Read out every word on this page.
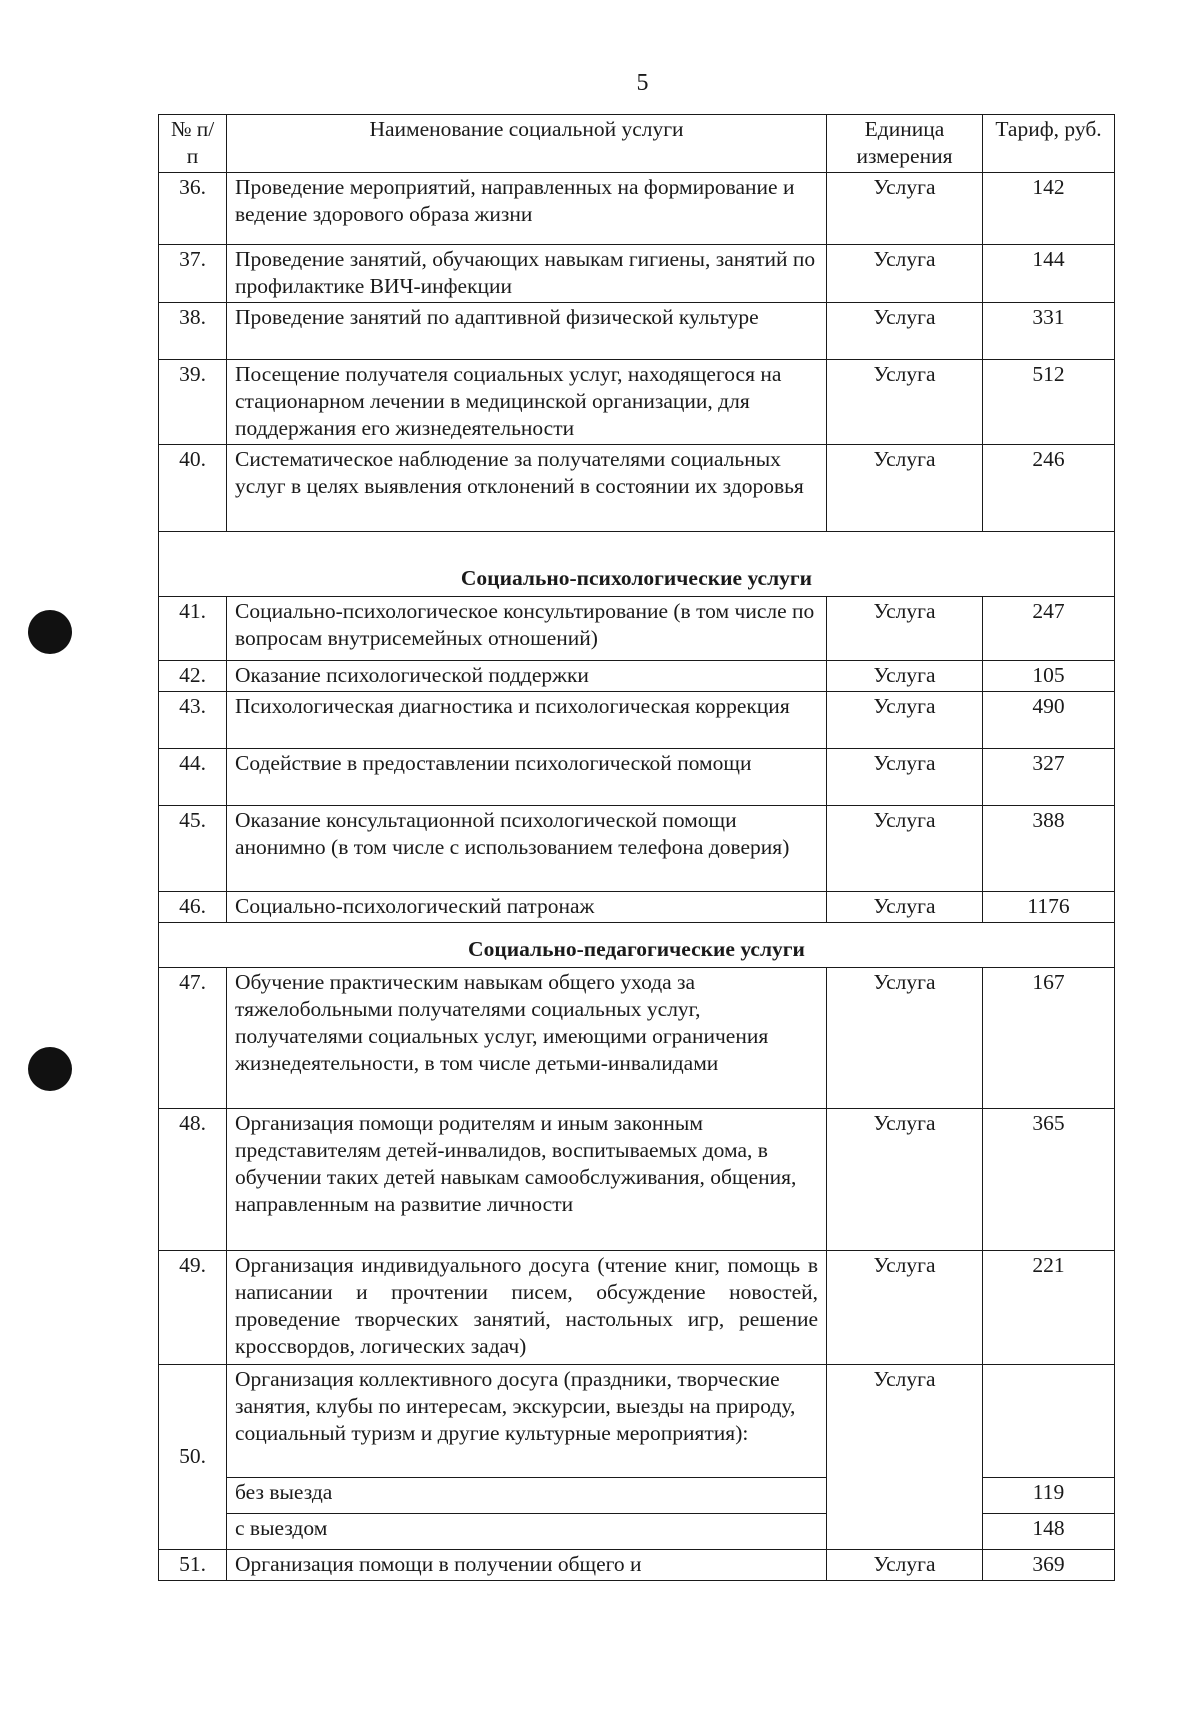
5
№ п/п	Наименование социальной услуги	Единица измерения	Тариф, руб.
36.	Проведение мероприятий, направленных на формирование и ведение здорового образа жизни	Услуга	142
37.	Проведение занятий, обучающих навыкам гигиены, занятий по профилактике ВИЧ-инфекции	Услуга	144
38.	Проведение занятий по адаптивной физической культуре	Услуга	331
39.	Посещение получателя социальных услуг, находящегося на стационарном лечении в медицинской организации, для поддержания его жизнедеятельности	Услуга	512
40.	Систематическое наблюдение за получателями социальных услуг в целях выявления отклонений в состоянии их здоровья	Услуга	246
Социально-психологические услуги			
41.	Социально-психологическое консультирование (в том числе по вопросам внутрисемейных отношений)	Услуга	247
42.	Оказание психологической поддержки	Услуга	105
43.	Психологическая диагностика и психологическая коррекция	Услуга	490
44.	Содействие в предоставлении психологической помощи	Услуга	327
45.	Оказание консультационной психологической помощи анонимно (в том числе с использованием телефона доверия)	Услуга	388
46.	Социально-психологический патронаж	Услуга	1176
Социально-педагогические услуги			
47.	Обучение практическим навыкам общего ухода за тяжелобольными получателями социальных услуг, получателями социальных услуг, имеющими ограничения жизнедеятельности, в том числе детьми-инвалидами	Услуга	167
48.	Организация помощи родителям и иным законным представителям детей-инвалидов, воспитываемых дома, в обучении таких детей навыкам самообслуживания, общения, направленным на развитие личности	Услуга	365
49.	Организация индивидуального досуга (чтение книг, помощь в написании и прочтении писем, обсуждение новостей, проведение творческих занятий, настольных игр, решение кроссвордов, логических задач)	Услуга	221
50.	Организация коллективного досуга (праздники, творческие занятия, клубы по интересам, экскурсии, выезды на природу, социальный туризм и другие культурные мероприятия):	Услуга	
	без выезда		119
	с выездом		148
51.	Организация помощи в получении общего и	Услуга	369
